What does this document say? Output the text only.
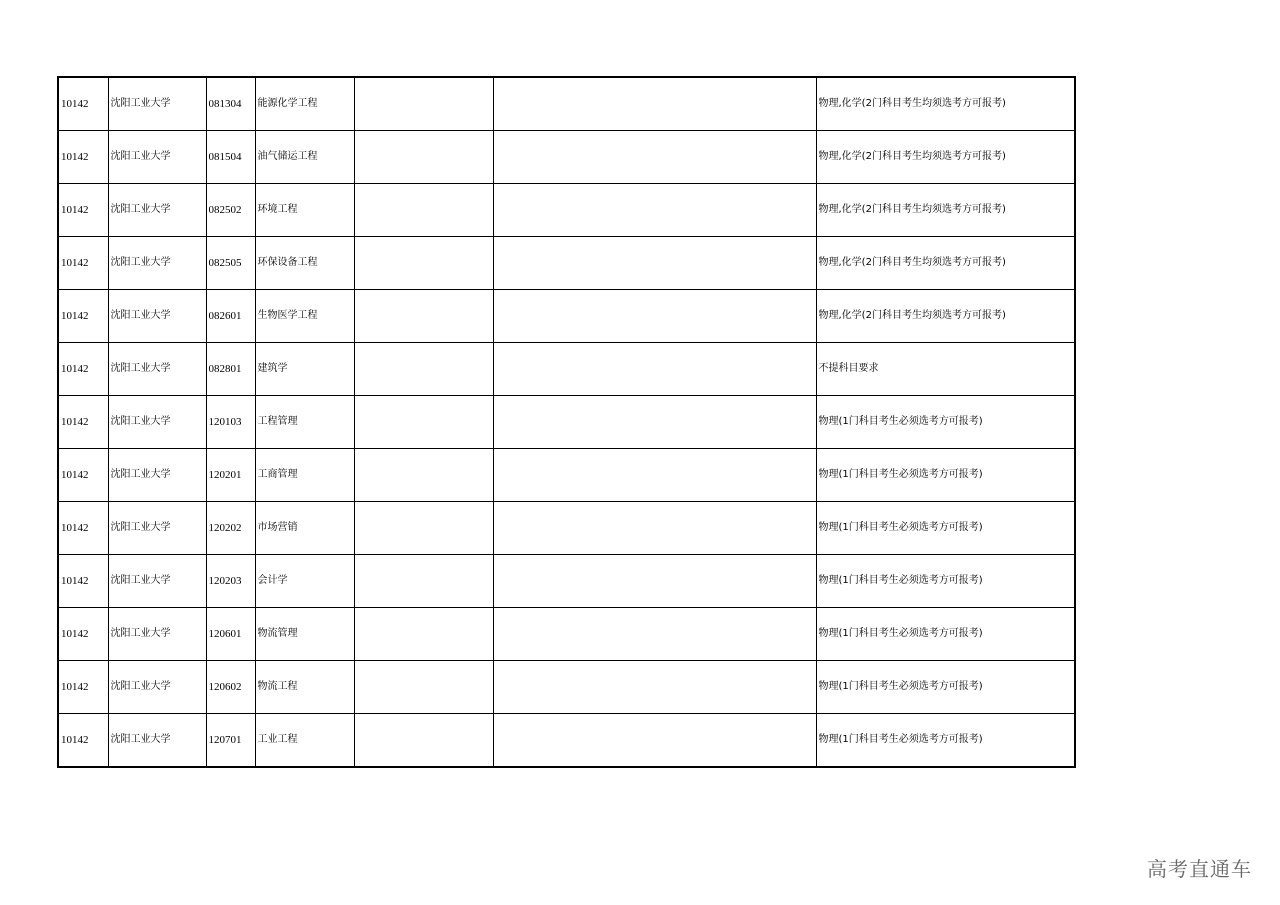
10142	沈阳工业大学	081304	能源化学工程			物理,化学(2门科目考生均须选考方可报考)
10142	沈阳工业大学	081504	油气储运工程			物理,化学(2门科目考生均须选考方可报考)
10142	沈阳工业大学	082502	环境工程			物理,化学(2门科目考生均须选考方可报考)
10142	沈阳工业大学	082505	环保设备工程			物理,化学(2门科目考生均须选考方可报考)
10142	沈阳工业大学	082601	生物医学工程			物理,化学(2门科目考生均须选考方可报考)
10142	沈阳工业大学	082801	建筑学			不提科目要求
10142	沈阳工业大学	120103	工程管理			物理(1门科目考生必须选考方可报考)
10142	沈阳工业大学	120201	工商管理			物理(1门科目考生必须选考方可报考)
10142	沈阳工业大学	120202	市场营销			物理(1门科目考生必须选考方可报考)
10142	沈阳工业大学	120203	会计学			物理(1门科目考生必须选考方可报考)
10142	沈阳工业大学	120601	物流管理			物理(1门科目考生必须选考方可报考)
10142	沈阳工业大学	120602	物流工程			物理(1门科目考生必须选考方可报考)
10142	沈阳工业大学	120701	工业工程			物理(1门科目考生必须选考方可报考)
高考直通车
